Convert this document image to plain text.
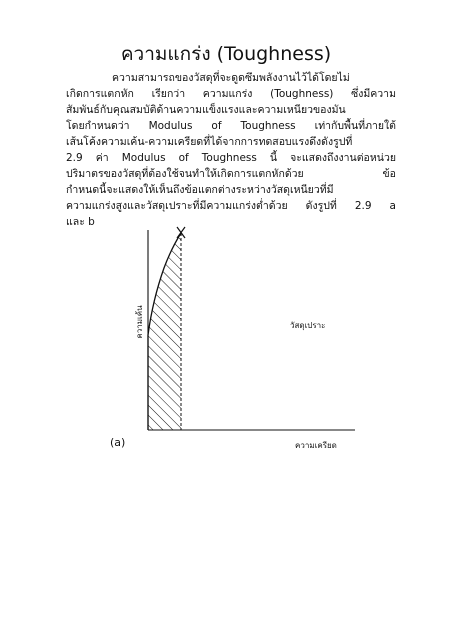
ความแกร่ง (Toughness)
ความสามารถของวัสดุที่จะดูดซึมพลังงานไว้ได้โดยไม่
เกิดการแตกหัก เรียกว่า ความแกร่ง (Toughness) ซึ่งมีความ
สัมพันธ์กับคุณสมบัติด้านความแข็งแรงและความเหนียวของมัน
โดยกำหนดว่า Modulus of Toughness เท่ากับพื้นที่ภายใต้
เส้นโค้งความเค้น-ความเครียดที่ได้จากการทดสอบแรงดึงดังรูปที่
2.9 ค่า Modulus of Toughness นี้ จะแสดงถึงงานต่อหน่วย
ปริมาตรของวัสดุที่ต้องใช้จนทำให้เกิดการแตกหักด้วย ข้อ
กำหนดนี้จะแสดงให้เห็นถึงข้อแตกต่างระหว่างวัสดุเหนียวที่มี
ความแกร่งสูงและวัสดุเปราะที่มีความแกร่งต่ำด้วย ดังรูปที่ 2.9 a
และ b
ความเค้น	วัสดุเปราะ
(a)	ความเครียด
